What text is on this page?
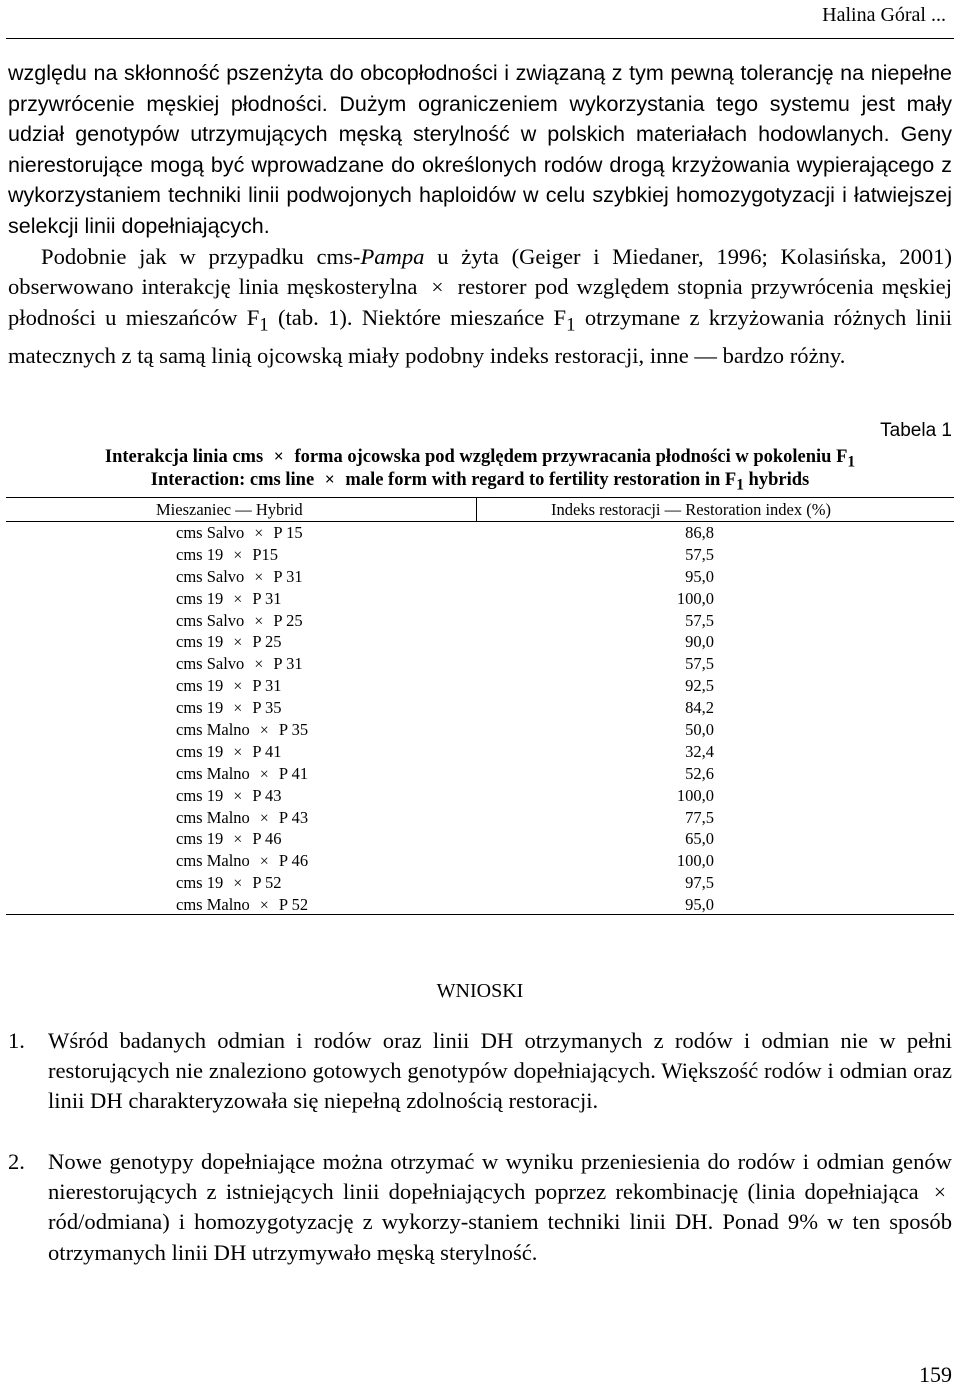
Halina Góral ...

względu na skłonność pszenżyta do obcopłodności i związaną z tym pewną tolerancję na niepełne przywrócenie męskiej płodności. Dużym ograniczeniem wykorzystania tego systemu jest mały udział genotypów utrzymujących męską sterylność w polskich materiałach hodowlanych. Geny nierestorujące mogą być wprowadzane do określonych rodów drogą krzyżowania wypierającego z wykorzystaniem techniki linii podwojonych haploidów w celu szybkiej homozygotyzacji i łatwiejszej selekcji linii dopełniających.

Podobnie jak w przypadku cms-Pampa u żyta (Geiger i Miedaner, 1996; Kolasińska, 2001) obserwowano interakcję linia męskosterylna × restorer pod względem stopnia przywrócenia męskiej płodności u mieszańców $F_1$ (tab. 1). Niektóre mieszańce $F_1$ otrzymane z krzyżowania różnych linii matecznych z tą samą linią ojcowską miały podobny indeks restoracji, inne — bardzo różny.

Tabela 1
Interakcja linia cms × forma ojcowska pod względem przywracania płodności w pokoleniu $F_1$
Interaction: cms line × male form with regard to fertility restoration in $F_1$ hybrids
Mieszaniec — Hybrid	Indeks restoracji — Restoration index (%)
cms Salvo × P 15	86,8
cms 19 × P15	57,5
cms Salvo × P 31	95,0
cms 19 × P 31	100,0
cms Salvo × P 25	57,5
cms 19 × P 25	90,0
cms Salvo × P 31	57,5
cms 19 × P 31	92,5
cms 19 × P 35	84,2
cms Malno × P 35	50,0
cms 19 × P 41	32,4
cms Malno × P 41	52,6
cms 19 × P 43	100,0
cms Malno × P 43	77,5
cms 19 × P 46	65,0
cms Malno × P 46	100,0
cms 19 × P 52	97,5
cms Malno × P 52	95,0
WNIOSKI
1. Wśród badanych odmian i rodów oraz linii DH otrzymanych z rodów i odmian nie w pełni restorujących nie znaleziono gotowych genotypów dopełniających. Większość rodów i odmian oraz linii DH charakteryzowała się niepełną zdolnością restoracji.
2. Nowe genotypy dopełniające można otrzymać w wyniku przeniesienia do rodów i odmian genów nierestorujących z istniejących linii dopełniających poprzez rekombinację (linia dopełniająca × ród/odmiana) i homozygotyzację z wykorzy-staniem techniki linii DH. Ponad 9% w ten sposób otrzymanych linii DH utrzymywało męską sterylność.
159
